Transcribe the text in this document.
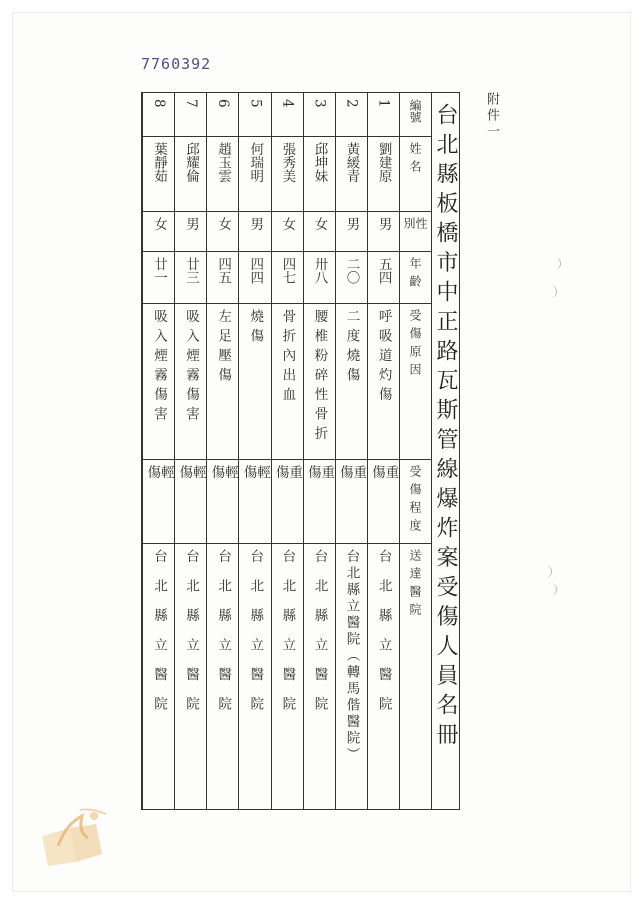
7760392
附件一
台北縣板橋市中正路瓦斯管線爆炸案受傷人員名冊
編號
姓名
性別
年齡
受傷原因
受傷程度
送達醫院
1
劉建原
男
五四
呼吸道灼傷
重傷
台北縣立醫院
2
黃緩青
男
二〇
二度燒傷
重傷
台北縣立醫院（轉馬偕醫院）
3
邱坤妹
女
卅八
腰椎粉碎性骨折
重傷
台北縣立醫院
4
張秀美
女
四七
骨折內出血
重傷
台北縣立醫院
5
何瑞明
男
四四
燒傷
輕傷
台北縣立醫院
6
趙玉雲
女
四五
左足壓傷
輕傷
台北縣立醫院
7
邱耀倫
男
廿三
吸入煙霧傷害
輕傷
台北縣立醫院
8
葉靜茹
女
廿一
吸入煙霧傷害
輕傷
台北縣立醫院
